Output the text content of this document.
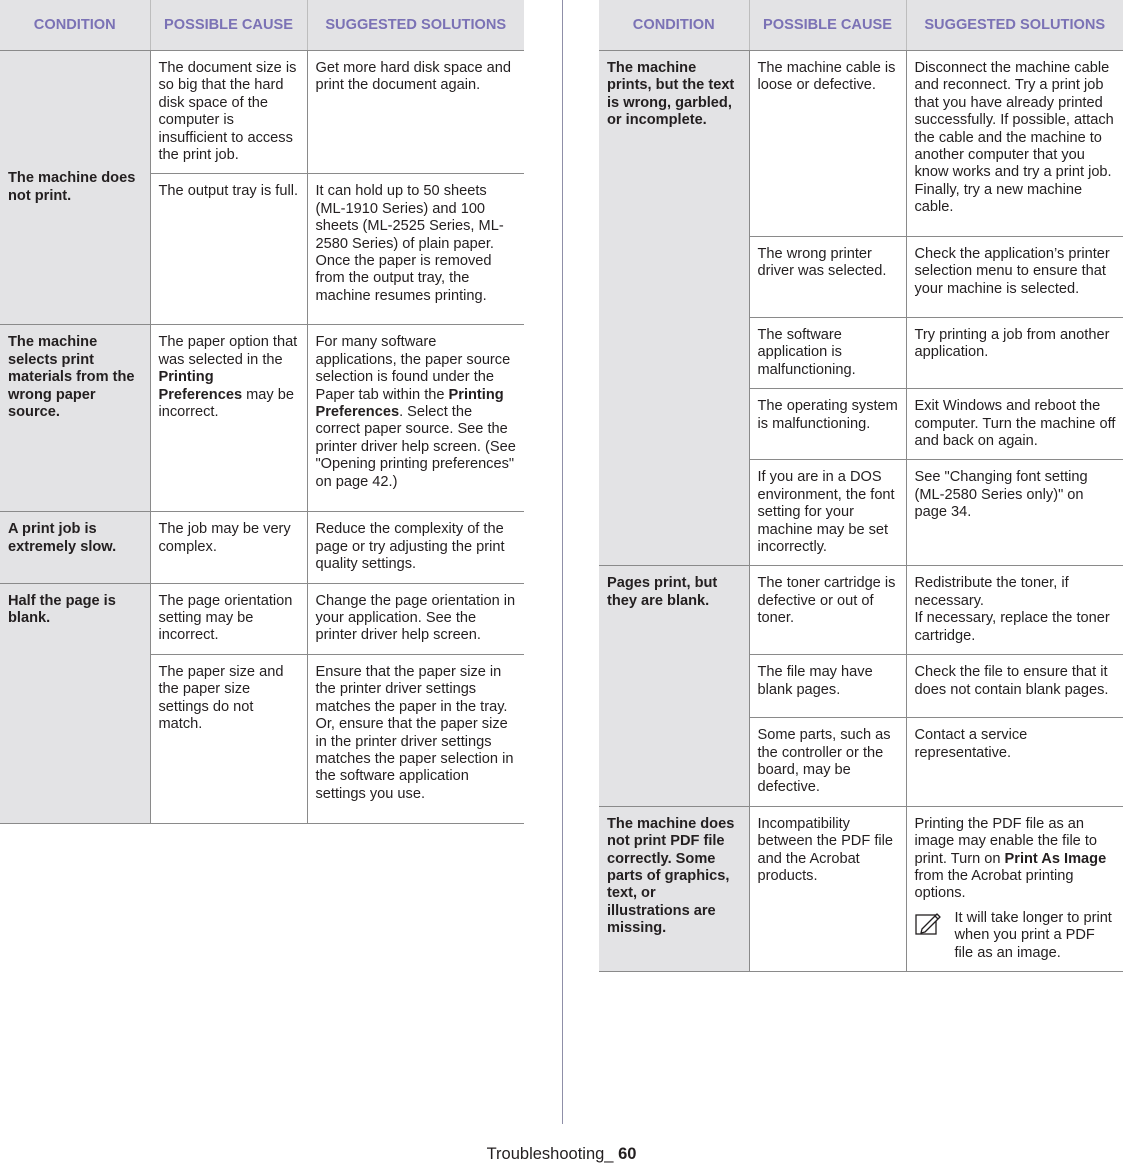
CONDITION	POSSIBLE CAUSE	SUGGESTED SOLUTIONS
The machine does not print.	The document size is so big that the hard disk space of the computer is insufficient to access the print job.	Get more hard disk space and print the document again.
	The output tray is full.	It can hold up to 50 sheets (ML-1910 Series) and 100 sheets (ML-2525 Series, ML-2580 Series) of plain paper. Once the paper is removed from the output tray, the machine resumes printing.
The machine selects print materials from the wrong paper source.	The paper option that was selected in the Printing Preferences may be incorrect.	For many software applications, the paper source selection is found under the Paper tab within the Printing Preferences. Select the correct paper source. See the printer driver help screen. (See "Opening printing preferences" on page 42.)
A print job is extremely slow.	The job may be very complex.	Reduce the complexity of the page or try adjusting the print quality settings.
Half the page is blank.	The page orientation setting may be incorrect.	Change the page orientation in your application. See the printer driver help screen.
	The paper size and the paper size settings do not match.	Ensure that the paper size in the printer driver settings matches the paper in the tray.
Or, ensure that the paper size in the printer driver settings matches the paper selection in the software application settings you use.
CONDITION	POSSIBLE CAUSE	SUGGESTED SOLUTIONS
The machine prints, but the text is wrong, garbled, or incomplete.	The machine cable is loose or defective.	Disconnect the machine cable and reconnect. Try a print job that you have already printed successfully. If possible, attach the cable and the machine to another computer that you know works and try a print job. Finally, try a new machine cable.
	The wrong printer driver was selected.	Check the application’s printer selection menu to ensure that your machine is selected.
	The software application is malfunctioning.	Try printing a job from another application.
	The operating system is malfunctioning.	Exit Windows and reboot the computer. Turn the machine off and back on again.
	If you are in a DOS environment, the font setting for your machine may be set incorrectly.	See "Changing font setting (ML-2580 Series only)" on page 34.
Pages print, but they are blank.	The toner cartridge is defective or out of toner.	Redistribute the toner, if necessary.
If necessary, replace the toner cartridge.

	The file may have blank pages.	Check the file to ensure that it does not contain blank pages.
	Some parts, such as the controller or the board, may be defective.	Contact a service representative.
The machine does not print PDF file correctly. Some parts of graphics, text, or illustrations are missing.	Incompatibility between the PDF file and the Acrobat products.	Printing the PDF file as an image may enable the file to print. Turn on Print As Image from the Acrobat printing options.
It will take longer to print when you print a PDF file as an image.
Troubleshooting_ 60
